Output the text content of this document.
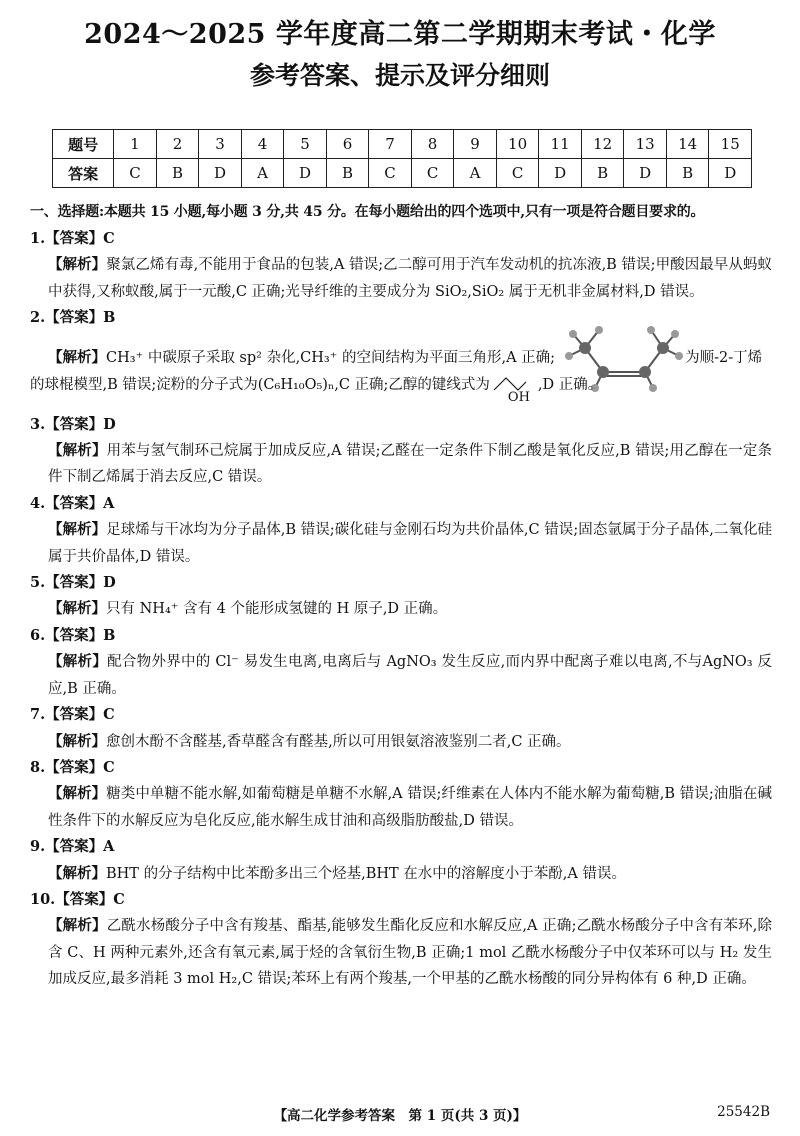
2024～2025 学年度高二第二学期期末考试・化学
参考答案、提示及评分细则
题号	1	2	3	4	5	6	7	8	9	10	11	12	13	14	15
答案	C	B	D	A	D	B	C	C	A	C	D	B	D	B	D
一、选择题:本题共 15 小题,每小题 3 分,共 45 分。在每小题给出的四个选项中,只有一项是符合题目要求的。
1.【答案】C
【解析】聚氯乙烯有毒,不能用于食品的包装,A 错误;乙二醇可用于汽车发动机的抗冻液,B 错误;甲酸因最早从蚂蚁中获得,又称蚁酸,属于一元酸,C 正确;光导纤维的主要成分为 SiO₂,SiO₂ 属于无机非金属材料,D 错误。
2.【答案】B
【解析】CH₃⁺ 中碳原子采取 sp² 杂化,CH₃⁺ 的空间结构为平面三角形,A 正确;	为顺-2-丁烯
的球棍模型,B 错误;淀粉的分子式为(C₆H₁₀O₅)ₙ,C 正确;乙醇的键线式为
OH
,D 正确。
3.【答案】D
【解析】用苯与氢气制环己烷属于加成反应,A 错误;乙醛在一定条件下制乙酸是氧化反应,B 错误;用乙醇在一定条件下制乙烯属于消去反应,C 错误。
4.【答案】A
【解析】足球烯与干冰均为分子晶体,B 错误;碳化硅与金刚石均为共价晶体,C 错误;固态氩属于分子晶体,二氧化硅属于共价晶体,D 错误。
5.【答案】D
【解析】只有 NH₄⁺ 含有 4 个能形成氢键的 H 原子,D 正确。
6.【答案】B
【解析】配合物外界中的 Cl⁻ 易发生电离,电离后与 AgNO₃ 发生反应,而内界中配离子难以电离,不与AgNO₃ 反应,B 正确。
7.【答案】C
【解析】愈创木酚不含醛基,香草醛含有醛基,所以可用银氨溶液鉴别二者,C 正确。
8.【答案】C
【解析】糖类中单糖不能水解,如葡萄糖是单糖不水解,A 错误;纤维素在人体内不能水解为葡萄糖,B 错误;油脂在碱性条件下的水解反应为皂化反应,能水解生成甘油和高级脂肪酸盐,D 错误。
9.【答案】A
【解析】BHT 的分子结构中比苯酚多出三个烃基,BHT 在水中的溶解度小于苯酚,A 错误。
10.【答案】C
【解析】乙酰水杨酸分子中含有羧基、酯基,能够发生酯化反应和水解反应,A 正确;乙酰水杨酸分子中含有苯环,除含 C、H 两种元素外,还含有氧元素,属于烃的含氧衍生物,B 正确;1 mol 乙酰水杨酸分子中仅苯环可以与 H₂ 发生加成反应,最多消耗 3 mol H₂,C 错误;苯环上有两个羧基,一个甲基的乙酰水杨酸的同分异构体有 6 种,D 正确。
【高二化学参考答案　第 1 页(共 3 页)】	25542B
